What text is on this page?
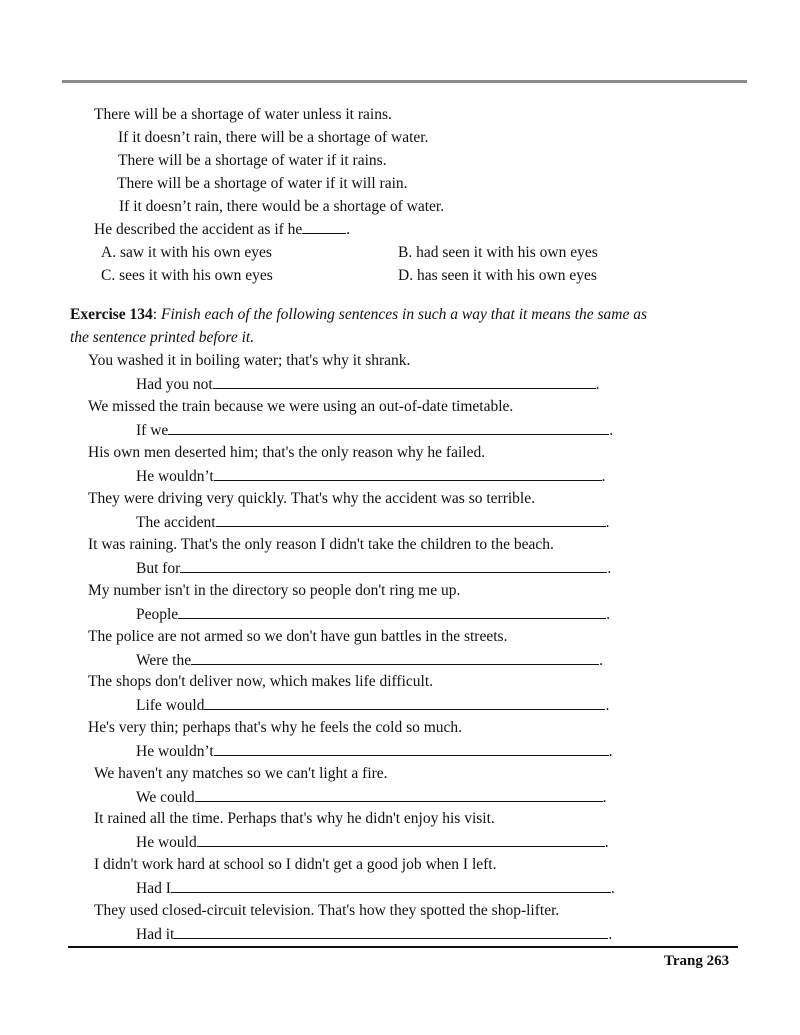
There will be a shortage of water unless it rains.
If it doesn’t rain, there will be a shortage of water.
There will be a shortage of water if it rains.
There will be a shortage of water if it will rain.
If it doesn’t rain, there would be a shortage of water.
He described the accident as if he	.
A. saw it with his own eyes	B. had seen it with his own eyes
C. sees it with his own eyes	D. has seen it with his own eyes
Exercise 134: Finish each of the following sentences in such a way that it means the same as
the sentence printed before it.
You washed it in boiling water; that's why it shrank.
Had you not	.
We missed the train because we were using an out-of-date timetable.
If we	.
His own men deserted him; that's the only reason why he failed.
He wouldn’t	.
They were driving very quickly. That's why the accident was so terrible.
The accident	.
It was raining. That's the only reason I didn't take the children to the beach.
But for	.
My number isn't in the directory so people don't ring me up.
People	.
The police are not armed so we don't have gun battles in the streets.
Were the	.
The shops don't deliver now, which makes life difficult.
Life would	.
He's very thin; perhaps that's why he feels the cold so much.
He wouldn’t	.
We haven't any matches so we can't light a fire.
We could	.
It rained all the time. Perhaps that's why he didn't enjoy his visit.
He would	.
I didn't work hard at school so I didn't get a good job when I left.
Had I	.
They used closed-circuit television. That's how they spotted the shop-lifter.
Had it	.
Trang 263
